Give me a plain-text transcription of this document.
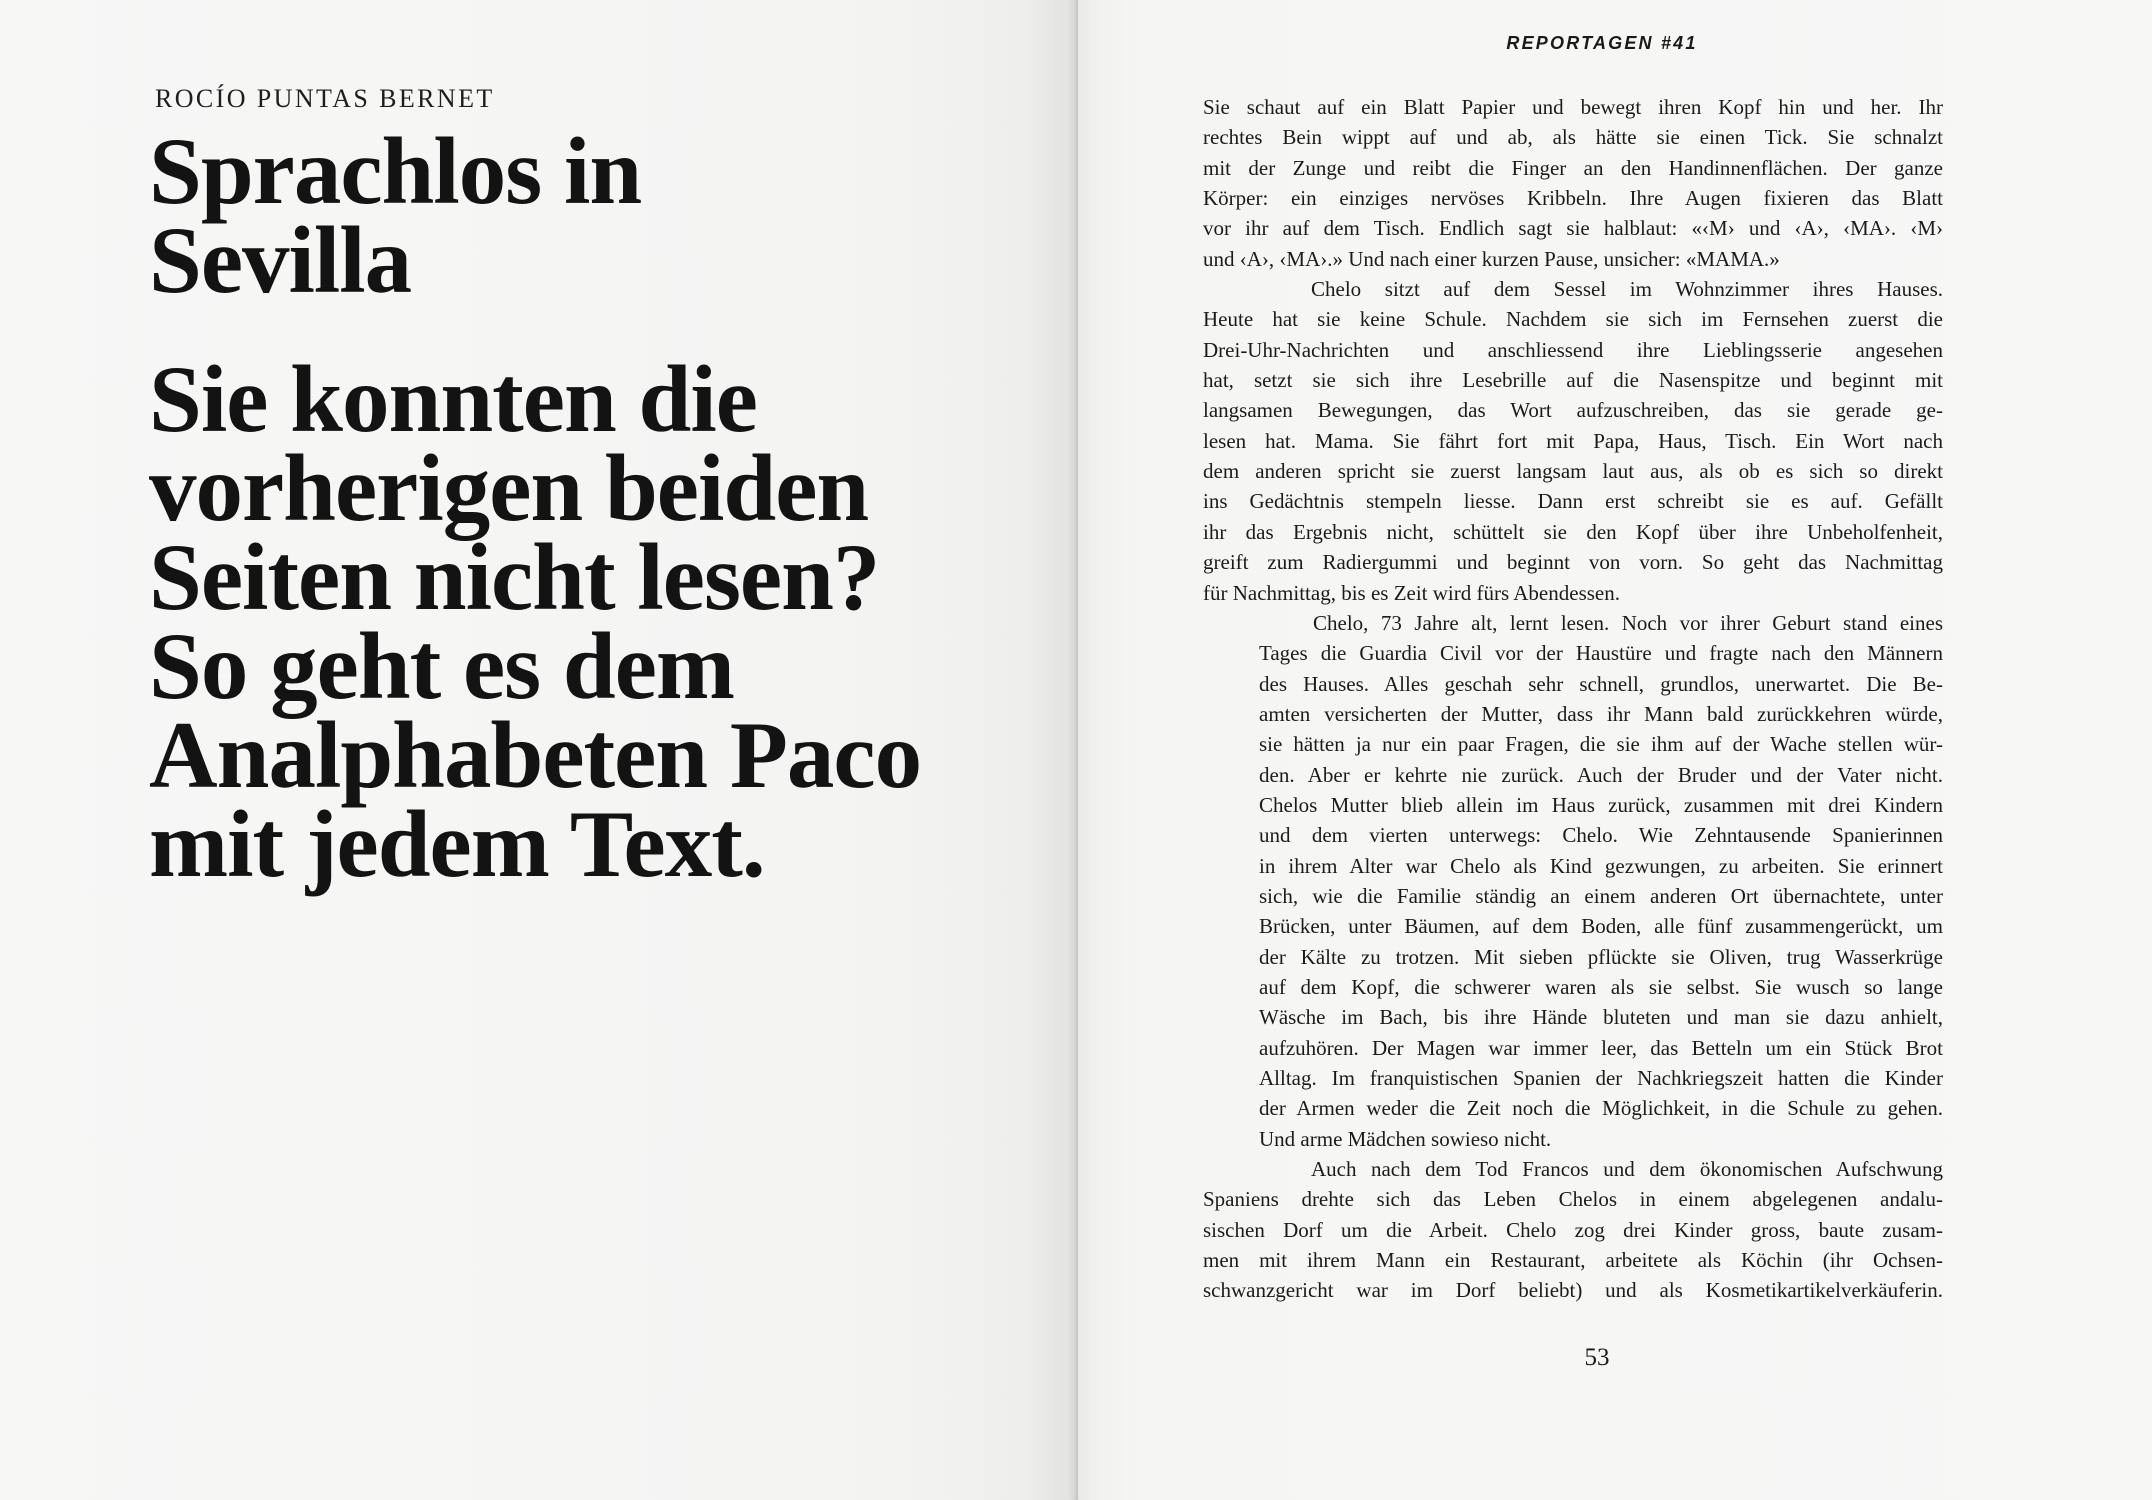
ROCÍO PUNTAS BERNET
Sprachlos in
Sevilla
Sie konnten die
vorherigen beiden
Seiten nicht lesen?
So geht es dem
Analphabeten Paco
mit jedem Text.
REPORTAGEN #41
Sie schaut auf ein Blatt Papier und bewegt ihren Kopf hin und her. Ihr
rechtes Bein wippt auf und ab, als hätte sie einen Tick. Sie schnalzt
mit der Zunge und reibt die Finger an den Handinnenflächen. Der ganze
Körper: ein einziges nervöses Kribbeln. Ihre Augen fixieren das Blatt
vor ihr auf dem Tisch. Endlich sagt sie halblaut: «‹M› und ‹A›, ‹MA›. ‹M›
und ‹A›, ‹MA›.» Und nach einer kurzen Pause, unsicher: «MAMA.»
Chelo sitzt auf dem Sessel im Wohnzimmer ihres Hauses.
Heute hat sie keine Schule. Nachdem sie sich im Fernsehen zuerst die
Drei-Uhr-Nachrichten und anschliessend ihre Lieblingsserie angesehen
hat, setzt sie sich ihre Lesebrille auf die Nasenspitze und beginnt mit
langsamen Bewegungen, das Wort aufzuschreiben, das sie gerade ge-
lesen hat. Mama. Sie fährt fort mit Papa, Haus, Tisch. Ein Wort nach
dem anderen spricht sie zuerst langsam laut aus, als ob es sich so direkt
ins Gedächtnis stempeln liesse. Dann erst schreibt sie es auf. Gefällt
ihr das Ergebnis nicht, schüttelt sie den Kopf über ihre Unbeholfenheit,
greift zum Radiergummi und beginnt von vorn. So geht das Nachmittag
für Nachmittag, bis es Zeit wird fürs Abendessen.
Chelo, 73 Jahre alt, lernt lesen. Noch vor ihrer Geburt stand eines
Tages die Guardia Civil vor der Haustüre und fragte nach den Männern
des Hauses. Alles geschah sehr schnell, grundlos, unerwartet. Die Be-
amten versicherten der Mutter, dass ihr Mann bald zurückkehren würde,
sie hätten ja nur ein paar Fragen, die sie ihm auf der Wache stellen wür-
den. Aber er kehrte nie zurück. Auch der Bruder und der Vater nicht.
Chelos Mutter blieb allein im Haus zurück, zusammen mit drei Kindern
und dem vierten unterwegs: Chelo. Wie Zehntausende Spanierinnen
in ihrem Alter war Chelo als Kind gezwungen, zu arbeiten. Sie erinnert
sich, wie die Familie ständig an einem anderen Ort übernachtete, unter
Brücken, unter Bäumen, auf dem Boden, alle fünf zusammengerückt, um
der Kälte zu trotzen. Mit sieben pflückte sie Oliven, trug Wasserkrüge
auf dem Kopf, die schwerer waren als sie selbst. Sie wusch so lange
Wäsche im Bach, bis ihre Hände bluteten und man sie dazu anhielt,
aufzuhören. Der Magen war immer leer, das Betteln um ein Stück Brot
Alltag. Im franquistischen Spanien der Nachkriegszeit hatten die Kinder
der Armen weder die Zeit noch die Möglichkeit, in die Schule zu gehen.
Und arme Mädchen sowieso nicht.
Auch nach dem Tod Francos und dem ökonomischen Aufschwung
Spaniens drehte sich das Leben Chelos in einem abgelegenen andalu-
sischen Dorf um die Arbeit. Chelo zog drei Kinder gross, baute zusam-
men mit ihrem Mann ein Restaurant, arbeitete als Köchin (ihr Ochsen-
schwanzgericht war im Dorf beliebt) und als Kosmetikartikelverkäuferin.
53
